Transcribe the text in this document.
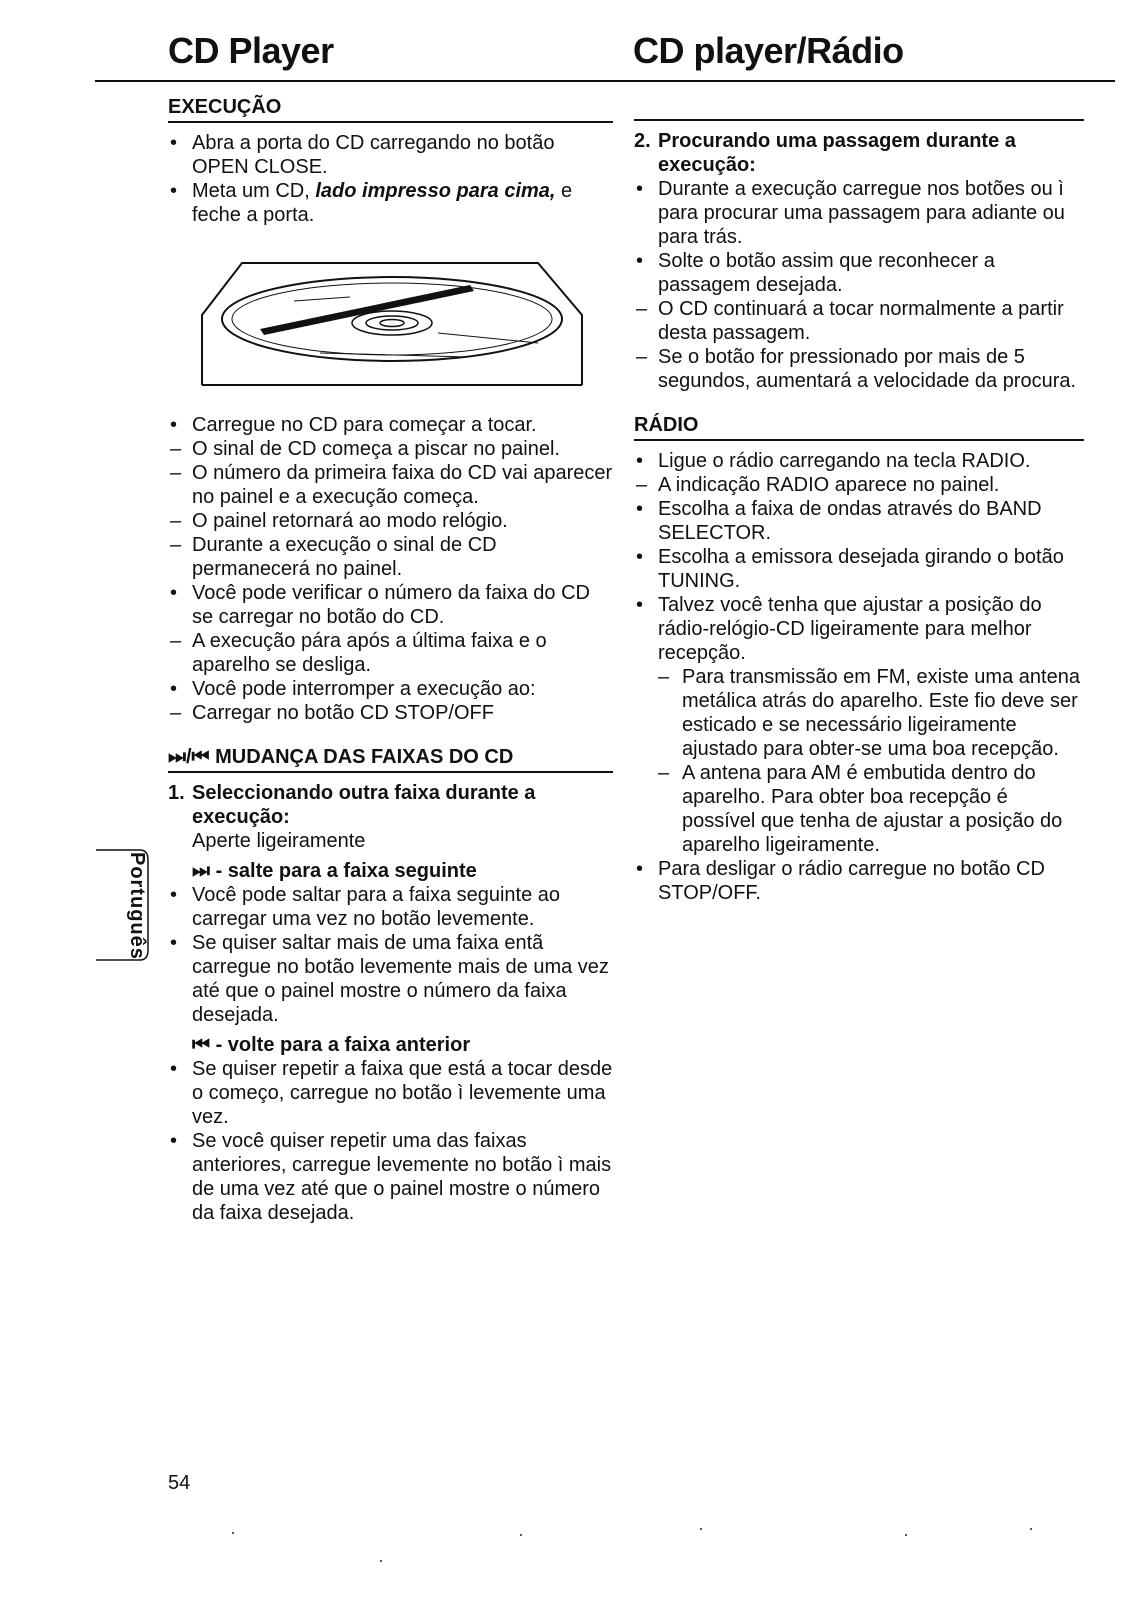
CD Player	CD player/Rádio
EXECUÇÃO
• Abra a porta do CD carregando no botão OPEN CLOSE.
• Meta um CD, lado impresso para cima, e feche a porta.
• Carregue no CD para começar a tocar.
– O sinal de CD começa a piscar no painel.
– O número da primeira faixa do CD vai aparecer no painel e a execução começa.
– O painel retornará ao modo relógio.
– Durante a execução o sinal de CD permanecerá no painel.
• Você pode verificar o número da faixa do CD se carregar no botão do CD.
– A execução pára após a última faixa e o aparelho se desliga.
• Você pode interromper a execução ao:
– Carregar no botão CD STOP/OFF
⏭/⏮ MUDANÇA DAS FAIXAS DO CD
1. Seleccionando outra faixa durante a execução:
Aperte ligeiramente
⏭ - salte para a faixa seguinte
• Você pode saltar para a faixa seguinte ao carregar uma vez no botão levemente.
• Se quiser saltar mais de uma faixa entã carregue no botão levemente mais de uma vez até que o painel mostre o número da faixa desejada.
⏮ - volte para a faixa anterior
• Se quiser repetir a faixa que está a tocar desde o começo, carregue no botão ì levemente uma vez.
• Se você quiser repetir uma das faixas anteriores, carregue levemente no botão ì mais de uma vez até que o painel mostre o número da faixa desejada.
2. Procurando uma passagem durante a execução:
• Durante a execução carregue nos botões ou ì para procurar uma passagem para adiante ou para trás.
• Solte o botão assim que reconhecer a passagem desejada.
– O CD continuará a tocar normalmente a partir desta passagem.
– Se o botão for pressionado por mais de 5 segundos, aumentará a velocidade da procura.
RÁDIO
• Ligue o rádio carregando na tecla RADIO.
– A indicação RADIO aparece no painel.
• Escolha a faixa de ondas através do BAND SELECTOR.
• Escolha a emissora desejada girando o botão TUNING.
• Talvez você tenha que ajustar a posição do rádio-relógio-CD ligeiramente para melhor recepção.
– Para transmissão em FM, existe uma antena metálica atrás do aparelho. Este fio deve ser esticado e se necessário ligeiramente ajustado para obter-se uma boa recepção.
– A antena para AM é embutida dentro do aparelho. Para obter boa recepção é possível que tenha de ajustar a posição do aparelho ligeiramente.
• Para desligar o rádio carregue no botão CD STOP/OFF.
Português
54
